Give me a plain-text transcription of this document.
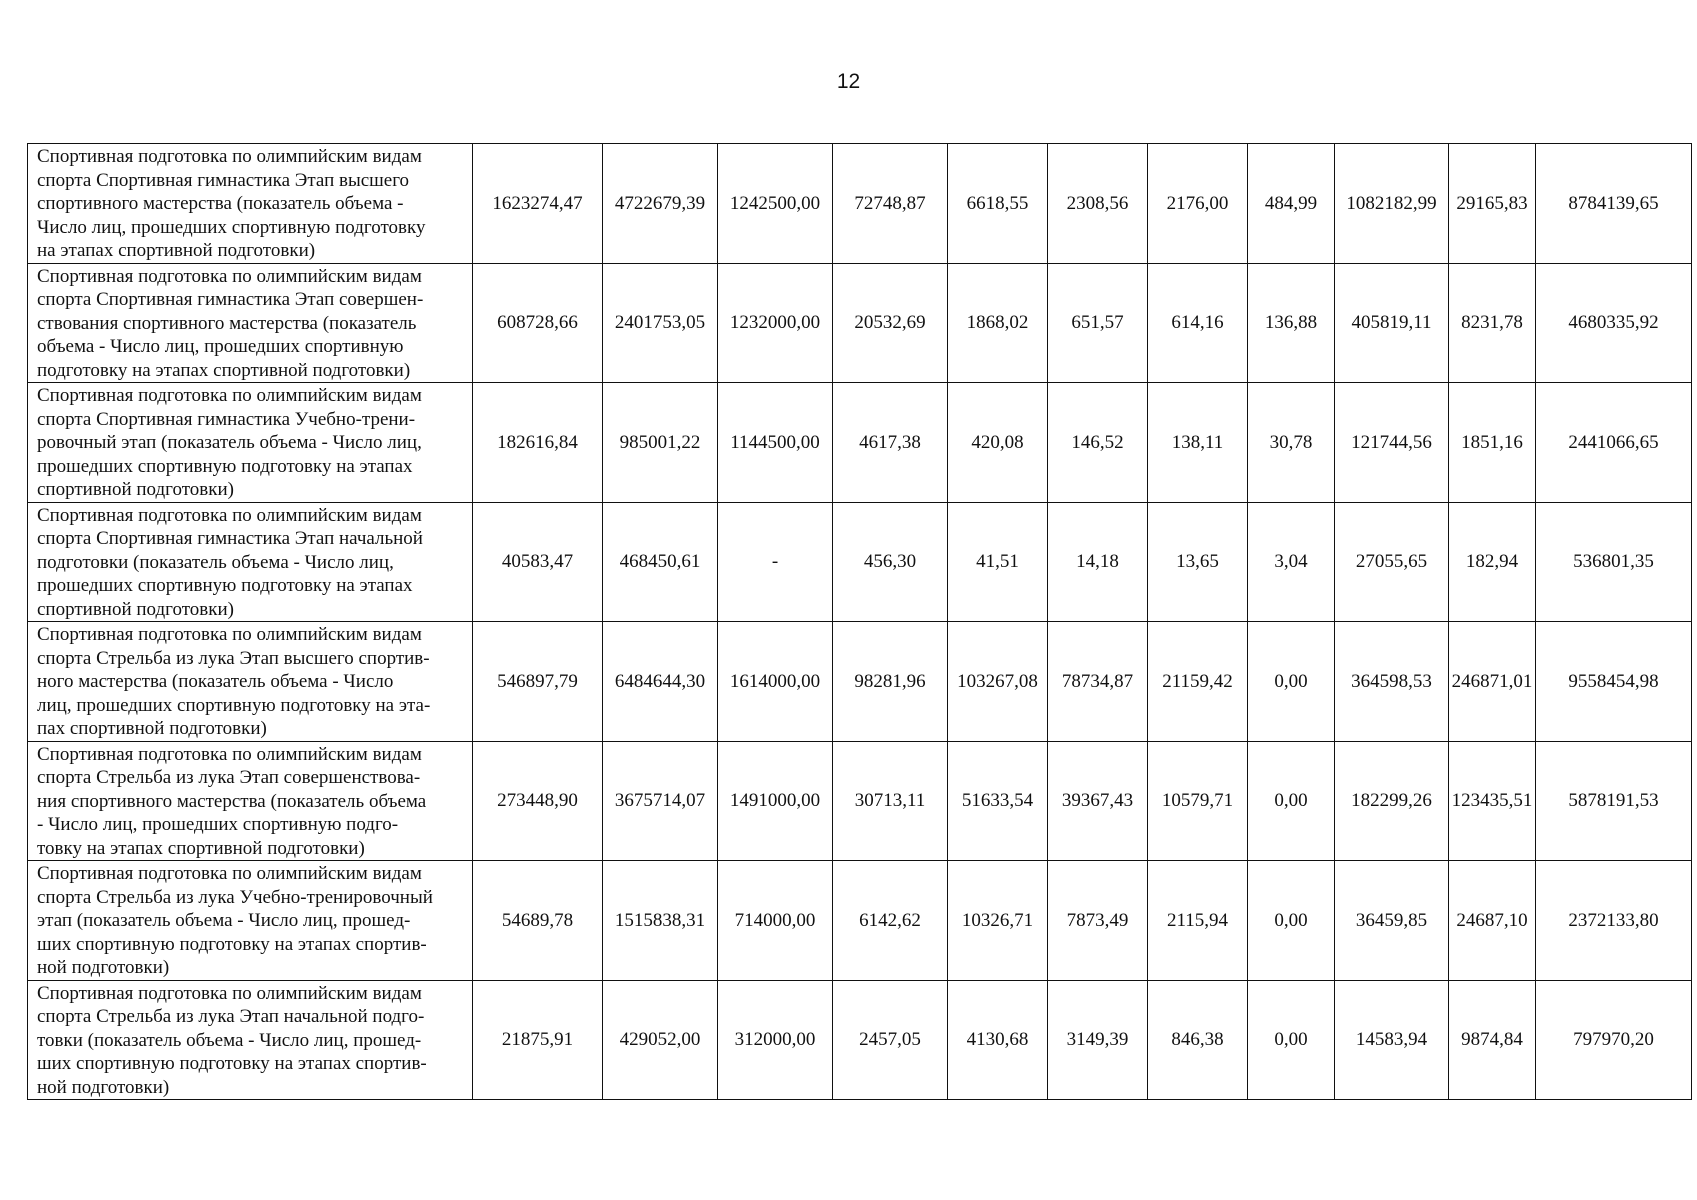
12
Спортивная подготовка по олимпийским видам
спорта Спортивная гимнастика Этап высшего
спортивного мастерства (показатель объема -
Число лиц, прошедших спортивную подготовку
на этапах спортивной подготовки)	1623274,47	4722679,39	1242500,00	72748,87	6618,55	2308,56	2176,00	484,99	1082182,99	29165,83	8784139,65
Спортивная подготовка по олимпийским видам
спорта Спортивная гимнастика Этап совершен-
ствования спортивного мастерства (показатель
объема - Число лиц, прошедших спортивную
подготовку на этапах спортивной подготовки)	608728,66	2401753,05	1232000,00	20532,69	1868,02	651,57	614,16	136,88	405819,11	8231,78	4680335,92
Спортивная подготовка по олимпийским видам
спорта Спортивная гимнастика Учебно-трени-
ровочный этап (показатель объема - Число лиц,
прошедших спортивную подготовку на этапах
спортивной подготовки)	182616,84	985001,22	1144500,00	4617,38	420,08	146,52	138,11	30,78	121744,56	1851,16	2441066,65
Спортивная подготовка по олимпийским видам
спорта Спортивная гимнастика Этап начальной
подготовки (показатель объема - Число лиц,
прошедших спортивную подготовку на этапах
спортивной подготовки)	40583,47	468450,61	-	456,30	41,51	14,18	13,65	3,04	27055,65	182,94	536801,35
Спортивная подготовка по олимпийским видам
спорта Стрельба из лука Этап высшего спортив-
ного мастерства (показатель объема - Число
лиц, прошедших спортивную подготовку на эта-
пах спортивной подготовки)	546897,79	6484644,30	1614000,00	98281,96	103267,08	78734,87	21159,42	0,00	364598,53	246871,01	9558454,98
Спортивная подготовка по олимпийским видам
спорта Стрельба из лука Этап совершенствова-
ния спортивного мастерства (показатель объема
- Число лиц, прошедших спортивную подго-
товку на этапах спортивной подготовки)	273448,90	3675714,07	1491000,00	30713,11	51633,54	39367,43	10579,71	0,00	182299,26	123435,51	5878191,53
Спортивная подготовка по олимпийским видам
спорта Стрельба из лука Учебно-тренировочный
этап (показатель объема - Число лиц, прошед-
ших спортивную подготовку на этапах спортив-
ной подготовки)	54689,78	1515838,31	714000,00	6142,62	10326,71	7873,49	2115,94	0,00	36459,85	24687,10	2372133,80
Спортивная подготовка по олимпийским видам
спорта Стрельба из лука Этап начальной подго-
товки (показатель объема - Число лиц, прошед-
ших спортивную подготовку на этапах спортив-
ной подготовки)	21875,91	429052,00	312000,00	2457,05	4130,68	3149,39	846,38	0,00	14583,94	9874,84	797970,20
